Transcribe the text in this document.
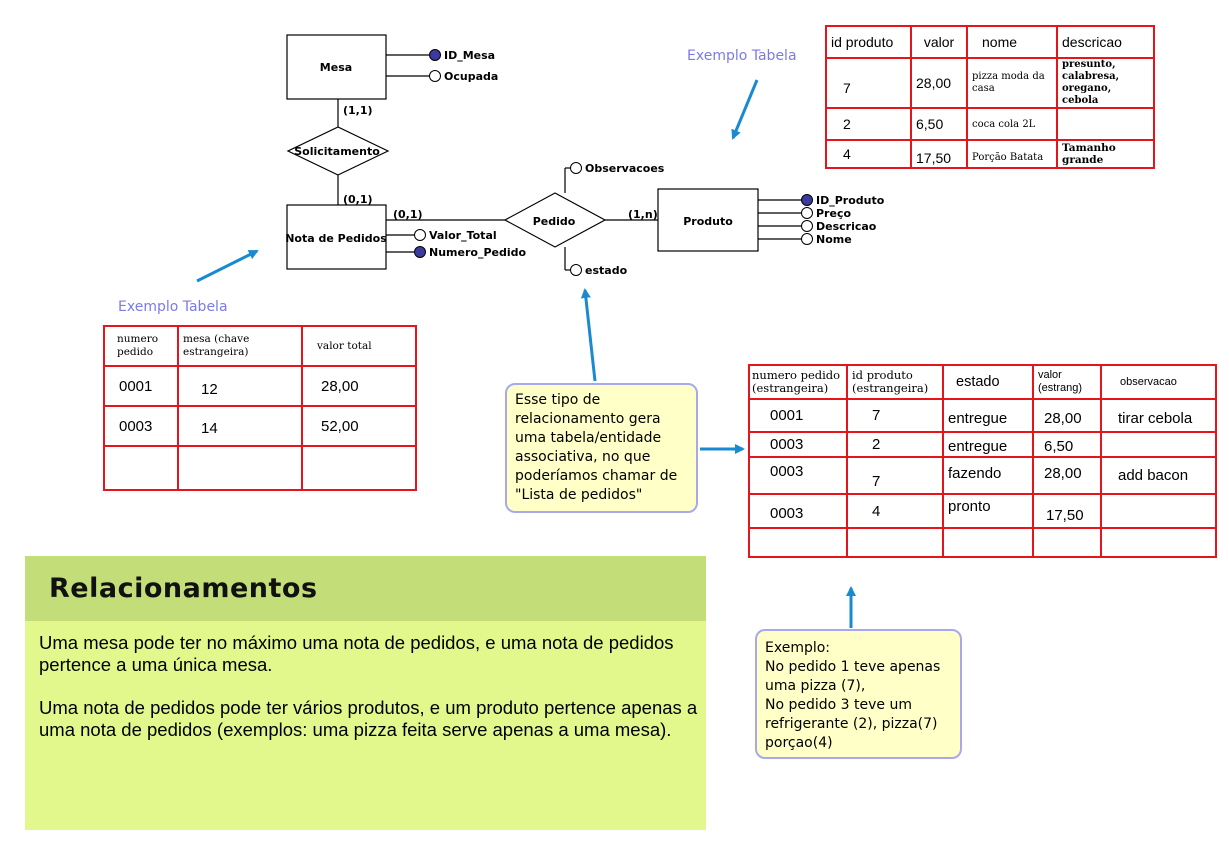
Mesa
Nota de Pedidos
Produto
Solicitamento
Pedido
(1,1)
(0,1)
(0,1)	(1,n)
ID_Mesa
Ocupada
Valor_Total
Numero_Pedido
Observacoes
estado
ID_Produto
Preço
Descricao
Nome
Exemplo Tabela
Exemplo Tabela
id produto	valor	nome	descricao
7	28,00	pizza moda da casa	presunto, calabresa, oregano, cebola
2	6,50	coca cola 2L	
4	17,50	Porção Batata	Tamanho grande
numero pedido	mesa (chave estrangeira)	valor total
0001	12	28,00
0003	14	52,00

numero pedido (estrangeira)	id produto (estrangeira)	estado	valor (estrang)	observacao
0001	7	entregue	28,00	tirar cebola
0003	2	entregue	6,50	
0003	7	fazendo	28,00	add bacon
0003	4	pronto	17,50	

Esse tipo de relacionamento gera uma tabela/entidade associativa, no que poderíamos chamar de "Lista de pedidos"
Exemplo:
No pedido 1 teve apenas uma pizza (7),
No pedido 3 teve um refrigerante (2), pizza(7) porçao(4)
Relacionamentos
Uma mesa pode ter no máximo uma nota de pedidos, e uma nota de pedidos pertence a uma única mesa.
Uma nota de pedidos pode ter vários produtos, e um produto pertence apenas a uma nota de pedidos (exemplos: uma pizza feita serve apenas a uma mesa).
